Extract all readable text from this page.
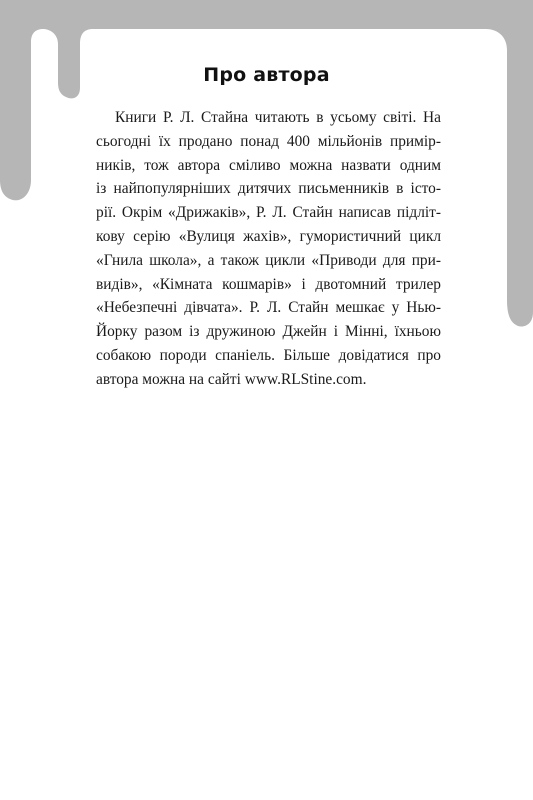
Про автора
Книги Р. Л. Стайна читають в усьому світі. На
сьогодні їх продано понад 400 мільйонів примір-
ників, тож автора сміливо можна назвати одним
із найпопулярніших дитячих письменників в істо-
рії. Окрім «Дрижаків», Р. Л. Стайн написав підліт-
кову серію «Вулиця жахів», гумористичний цикл
«Гнила школа», а також цикли «Приводи для при-
видів», «Кімната кошмарів» і двотомний трилер
«Небезпечні дівчата». Р. Л. Стайн мешкає у Нью-
Йорку разом із дружиною Джейн і Мінні, їхньою
собакою породи спаніель. Більше довідатися про
автора можна на сайті www.RLStine.com.
